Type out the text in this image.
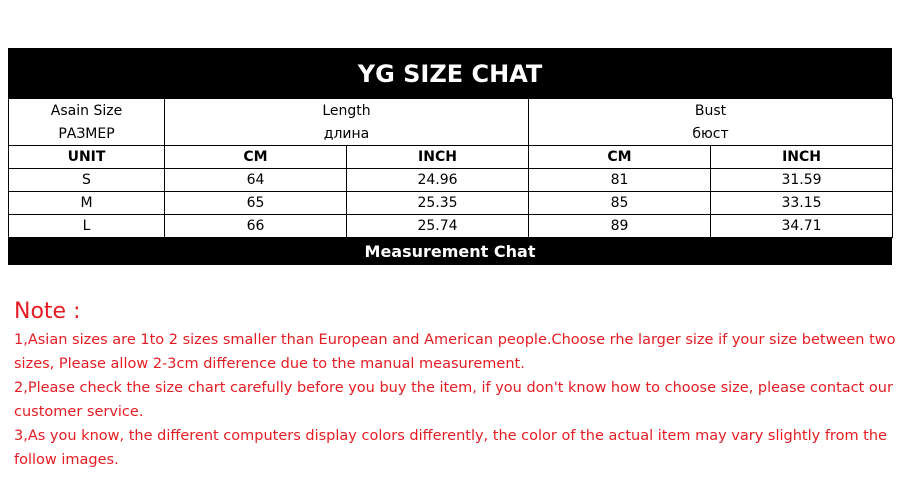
YG SIZE CHAT
Asain Size	Length		Bust	
РАЗМЕР	длина		бюст	
UNIT	CM	INCH	CM	INCH
S	64	24.96	81	31.59
M	65	25.35	85	33.15
L	66	25.74	89	34.71
Measurement Chat
Note :

1,Asian sizes are 1to 2 sizes smaller than European and American people.Choose rhe larger size if your size between two sizes, Please allow 2-3cm difference due to the manual measurement.

2,Please check the size chart carefully before you buy the item, if you don't know how to choose size, please contact our customer service.

3,As you know, the different computers display colors differently, the color of the actual item may vary slightly from the follow images.
